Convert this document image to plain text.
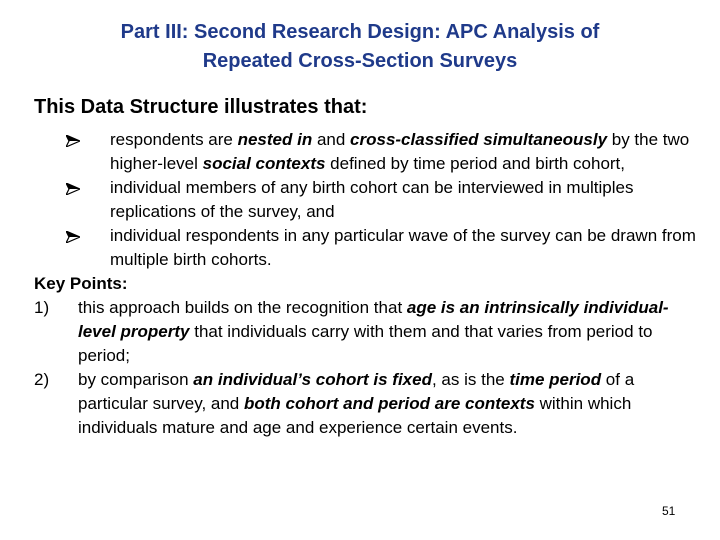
Part III: Second Research Design: APC Analysis of
Repeated Cross-Section Surveys
This Data Structure illustrates that:
respondents are nested in and cross-classified simultaneously by the two higher-level social contexts defined by time period and birth cohort,
individual members of any birth cohort can be interviewed in multiples replications of the survey, and
individual respondents in any particular wave of the survey can be drawn from multiple birth cohorts.
Key Points:
1) this approach builds on the recognition that age is an intrinsically individual-level property that individuals carry with them and that varies from period to period;
2) by comparison an individual’s cohort is fixed, as is the time period of a particular survey, and both cohort and period are contexts within which individuals mature and age and experience certain events.
51
